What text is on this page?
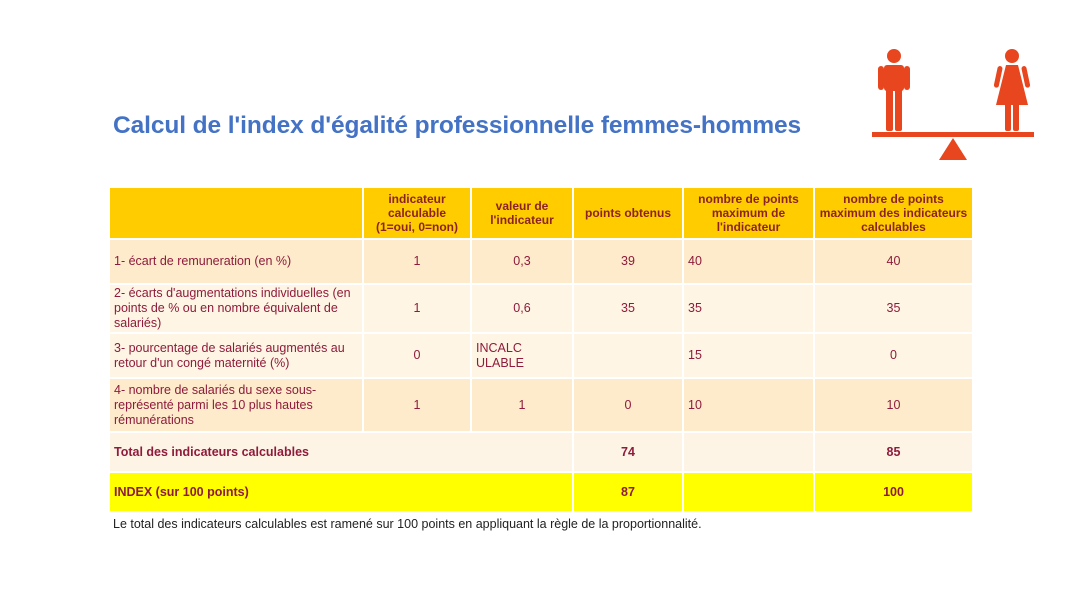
Calcul de l'index d'égalité professionnelle femmes-hommes
	indicateur calculable (1=oui, 0=non)	valeur de l'indicateur	points obtenus	nombre de points maximum de l'indicateur	nombre de points maximum des indicateurs calculables
1- écart de remuneration (en %)	1	0,3	39	40	40
2- écarts d'augmentations individuelles (en points de % ou en nombre équivalent de salariés)	1	0,6	35	35	35
3- pourcentage de salariés augmentés au retour d'un congé maternité (%)	0	INCALC ULABLE		15	0
4- nombre de salariés du sexe sous-représenté parmi les 10 plus hautes rémunérations	1	1	0	10	10
Total des indicateurs calculables			74		85
INDEX (sur 100 points)			87		100
Le total des indicateurs calculables est ramené sur 100 points en appliquant la règle de la proportionnalité.
